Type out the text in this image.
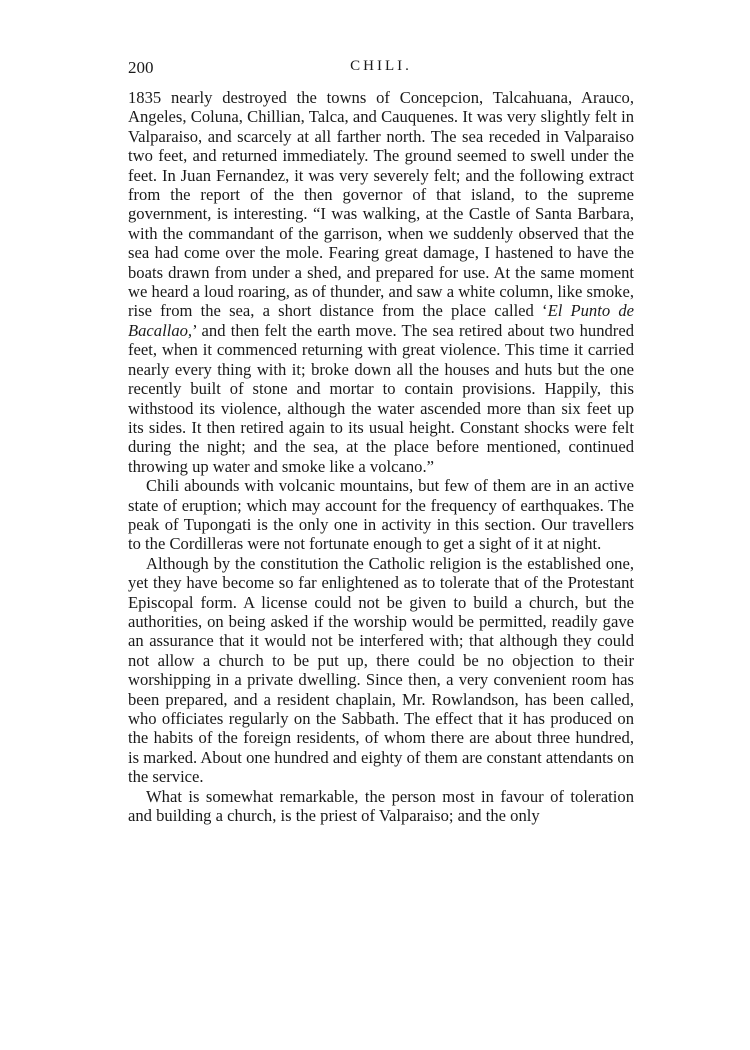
200	CHILI.

1835 nearly destroyed the towns of Concepcion, Talcahuana, Arauco, Angeles, Coluna, Chillian, Talca, and Cauquenes. It was very slightly felt in Valparaiso, and scarcely at all farther north. The sea receded in Valparaiso two feet, and returned immediately. The ground seemed to swell under the feet. In Juan Fernandez, it was very severely felt; and the following extract from the report of the then governor of that island, to the supreme government, is interesting. “I was walking, at the Castle of Santa Barbara, with the commandant of the garrison, when we suddenly observed that the sea had come over the mole. Fearing great damage, I hastened to have the boats drawn from under a shed, and prepared for use. At the same moment we heard a loud roaring, as of thunder, and saw a white column, like smoke, rise from the sea, a short distance from the place called ‘El Punto de Bacallao,’ and then felt the earth move. The sea retired about two hundred feet, when it commenced returning with great violence. This time it carried nearly every thing with it; broke down all the houses and huts but the one recently built of stone and mortar to contain provisions. Happily, this withstood its violence, although the water ascended more than six feet up its sides. It then retired again to its usual height. Constant shocks were felt during the night; and the sea, at the place before mentioned, continued throwing up water and smoke like a volcano.”

Chili abounds with volcanic mountains, but few of them are in an active state of eruption; which may account for the frequency of earthquakes. The peak of Tupongati is the only one in activity in this section. Our travellers to the Cordilleras were not fortunate enough to get a sight of it at night.

Although by the constitution the Catholic religion is the established one, yet they have become so far enlightened as to tolerate that of the Protestant Episcopal form. A license could not be given to build a church, but the authorities, on being asked if the worship would be permitted, readily gave an assurance that it would not be interfered with; that although they could not allow a church to be put up, there could be no objection to their worshipping in a private dwelling. Since then, a very convenient room has been prepared, and a resident chaplain, Mr. Rowlandson, has been called, who officiates regularly on the Sabbath. The effect that it has produced on the habits of the foreign residents, of whom there are about three hundred, is marked. About one hundred and eighty of them are constant attendants on the service.

What is somewhat remarkable, the person most in favour of toleration and building a church, is the priest of Valparaiso; and the only
